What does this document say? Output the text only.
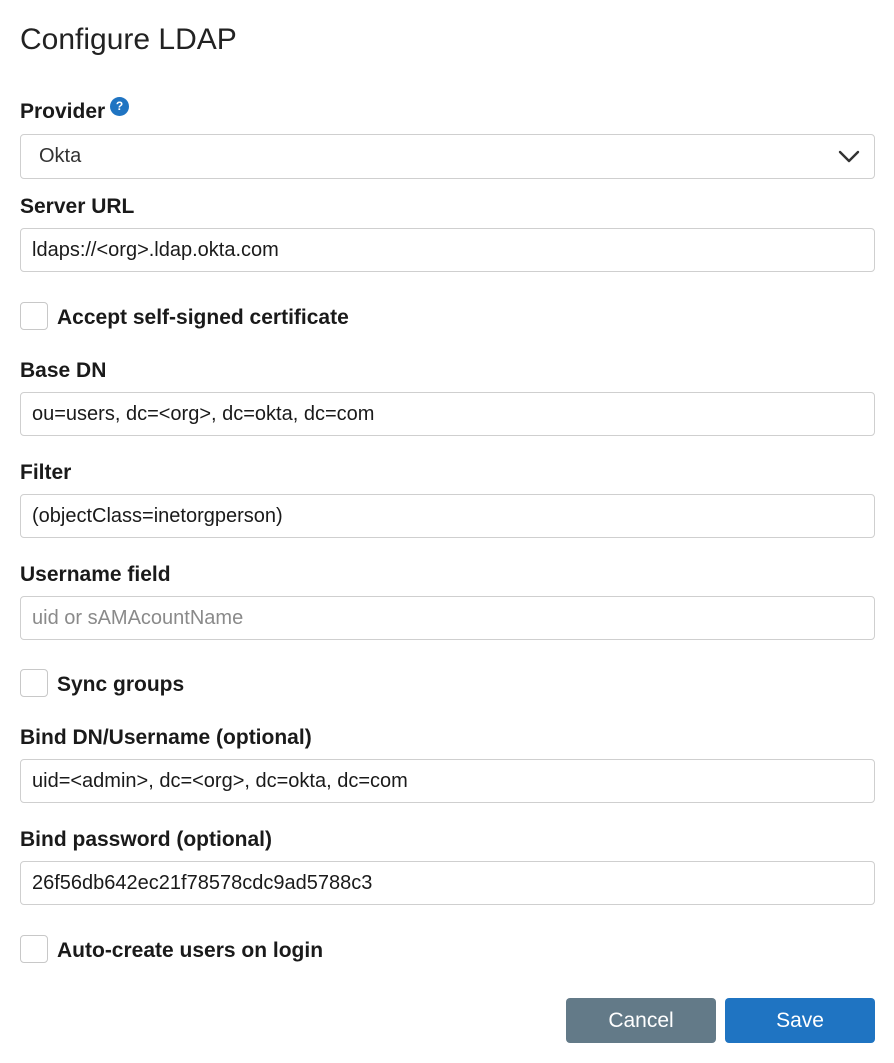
Configure LDAP
Provider ?
Okta
Server URL
ldaps://<org>.ldap.okta.com
Accept self-signed certificate
Base DN
ou=users, dc=<org>, dc=okta, dc=com
Filter
(objectClass=inetorgperson)
Username field
uid or sAMAcountName
Sync groups
Bind DN/Username (optional)
uid=<admin>, dc=<org>, dc=okta, dc=com
Bind password (optional)
26f56db642ec21f78578cdc9ad5788c3
Auto-create users on login
Cancel	Save
